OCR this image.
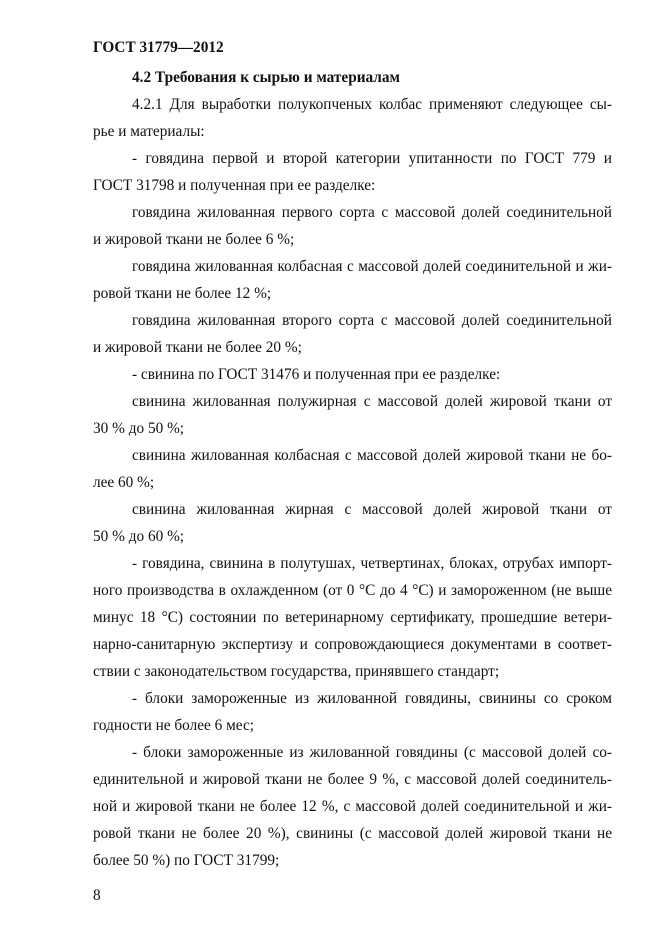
ГОСТ 31779—2012
4.2 Требования к сырью и материалам
4.2.1 Для выработки полукопченых колбас применяют следующее сы-
рье и материалы:
- говядина первой и второй категории упитанности по ГОСТ 779 и
ГОСТ 31798 и полученная при ее разделке:
говядина жилованная первого сорта с массовой долей соединительной
и жировой ткани не более 6 %;
говядина жилованная колбасная с массовой долей соединительной и жи-
ровой ткани не более 12 %;
говядина жилованная второго сорта с массовой долей соединительной
и жировой ткани не более 20 %;
- свинина по ГОСТ 31476 и полученная при ее разделке:
свинина жилованная полужирная с массовой долей жировой ткани от
30 % до 50 %;
свинина жилованная колбасная с массовой долей жировой ткани не бо-
лее 60 %;
свинина жилованная жирная с массовой долей жировой ткани от
50 % до 60 %;
- говядина, свинина в полутушах, четвертинах, блоках, отрубах импорт-
ного производства в охлажденном (от 0 °С до 4 °С) и замороженном (не выше
минус 18 °С) состоянии по ветеринарному сертификату, прошедшие ветери-
нарно-санитарную экспертизу и сопровождающиеся документами в соответ-
ствии с законодательством государства, принявшего стандарт;
- блоки замороженные из жилованной говядины, свинины со сроком
годности не более 6 мес;
- блоки замороженные из жилованной говядины (с массовой долей со-
единительной и жировой ткани не более 9 %, с массовой долей соединитель-
ной и жировой ткани не более 12 %, с массовой долей соединительной и жи-
ровой ткани не более 20 %), свинины (с массовой долей жировой ткани не
более 50 %) по ГОСТ 31799;
8
